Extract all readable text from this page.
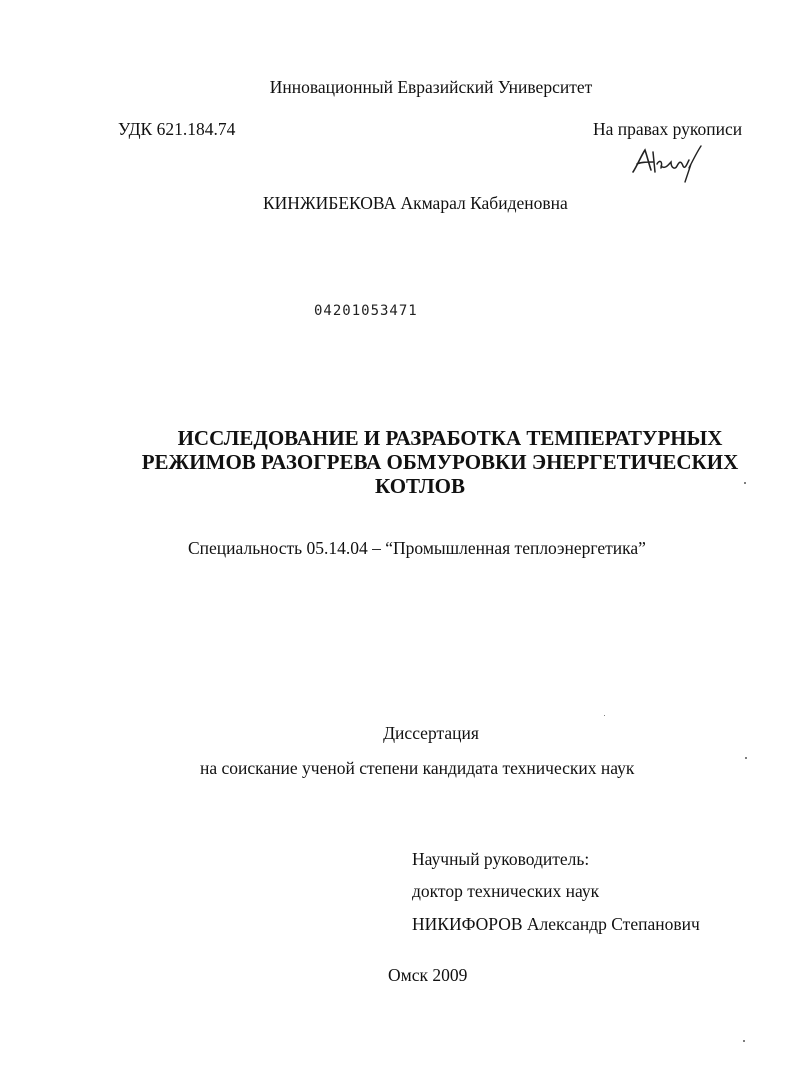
Инновационный Евразийский Университет
УДК 621.184.74	На правах рукописи
КИНЖИБЕКОВА Акмарал Кабиденовна
04201053471
ИССЛЕДОВАНИЕ И РАЗРАБОТКА ТЕМПЕРАТУРНЫХ
РЕЖИМОВ РАЗОГРЕВА ОБМУРОВКИ ЭНЕРГЕТИЧЕСКИХ
КОТЛОВ
Специальность 05.14.04 – “Промышленная теплоэнергетика”
Диссертация
на соискание ученой степени кандидата технических наук
Научный руководитель:
доктор технических наук
НИКИФОРОВ Александр Степанович
Омск 2009
